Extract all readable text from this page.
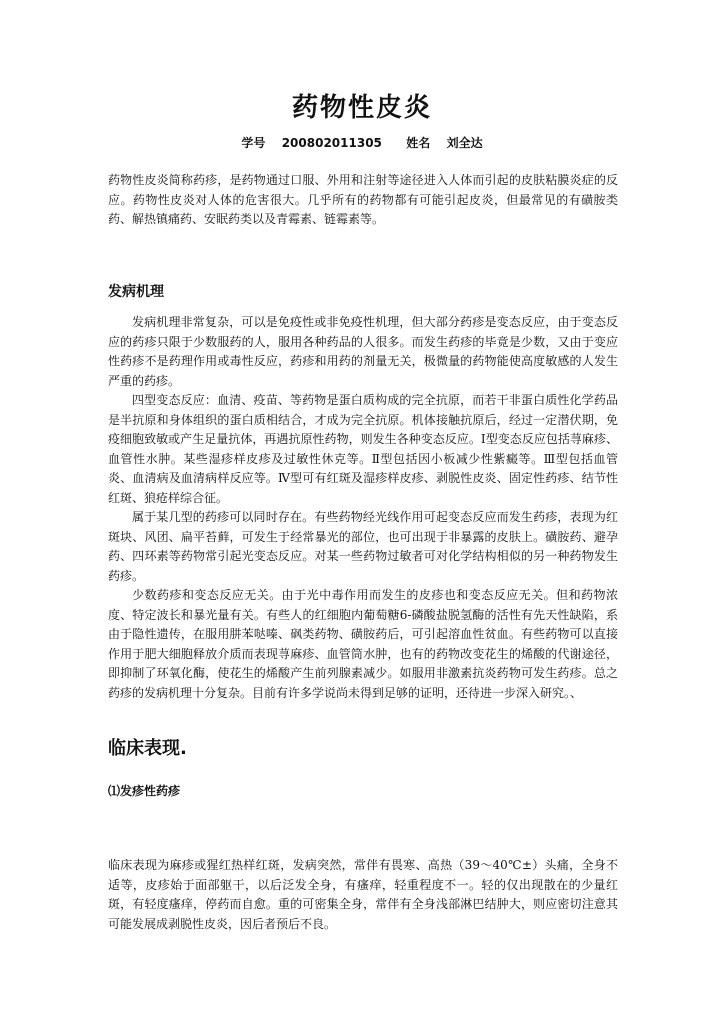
药物性皮炎
学号 200802011305 姓名 刘全达

药物性皮炎简称药疹，是药物通过口服、外用和注射等途径进入人体而引起的皮肤粘膜炎症的反应。药物性皮炎对人体的危害很大。几乎所有的药物都有可能引起皮炎，但最常见的有磺胺类药、解热镇痛药、安眠药类以及青霉素、链霉素等。

发病机理

发病机理非常复杂，可以是免疫性或非免疫性机理，但大部分药疹是变态反应，由于变态反应的药疹只限于少数服药的人，服用各种药品的人很多。而发生药疹的毕竟是少数，又由于变应性药疹不是药理作用或毒性反应，药疹和用药的剂量无关，极微量的药物能使高度敏感的人发生严重的药疹。

四型变态反应：血清、疫苗、等药物是蛋白质构成的完全抗原，而若干非蛋白质性化学药品是半抗原和身体组织的蛋白质相结合，才成为完全抗原。机体接触抗原后，经过一定潜伏期，免疫细胞致敏或产生足量抗体，再遇抗原性药物，则发生各种变态反应。Ⅰ型变态反应包括荨麻疹、血管性水肿。某些湿疹样皮疹及过敏性休克等。Ⅱ型包括因小板减少性紫癜等。Ⅲ型包括血管炎、血清病及血清病样反应等。Ⅳ型可有红斑及湿疹样皮疹、剥脱性皮炎、固定性药疹、结节性红斑、狼疮样综合征。

属于某几型的药疹可以同时存在。有些药物经光线作用可起变态反应而发生药疹，表现为红斑块、风团、扁平苔藓，可发生于经常暴光的部位，也可出现于非暴露的皮肤上。磺胺药、避孕药、四环素等药物常引起光变态反应。对某一些药物过敏者可对化学结构相似的另一种药物发生药疹。

少数药疹和变态反应无关。由于光中毒作用而发生的皮疹也和变态反应无关。但和药物浓度、特定波长和暴光量有关。有些人的红细胞内葡萄糖6-磷酸盐脱氢酶的活性有先天性缺陷，系由于隐性遗传，在服用肼苯哒嗪、砜类药物、磺胺药后，可引起溶血性贫血。有些药物可以直接作用于肥大细胞释放介质而表现荨麻疹、血管筒水肿，也有的药物改变花生的烯酸的代谢途径，即抑制了环氧化酶，使花生的烯酸产生前列腺素减少。如服用非激素抗炎药物可发生药疹。总之药疹的发病机理十分复杂。目前有许多学说尚未得到足够的证明，还待进一步深入研究。、

临床表现.
⑴发疹性药疹

临床表现为麻疹或猩红热样红斑，发病突然，常伴有畏寒、高热（39～40℃±）头痛，全身不适等，皮疹始于面部躯干，以后泛发全身，有瘙痒，轻重程度不一。轻的仅出现散在的少量红斑，有轻度瘙痒，停药而自愈。重的可密集全身，常伴有全身浅部淋巴结肿大，则应密切注意其可能发展成剥脱性皮炎，因后者预后不良。
